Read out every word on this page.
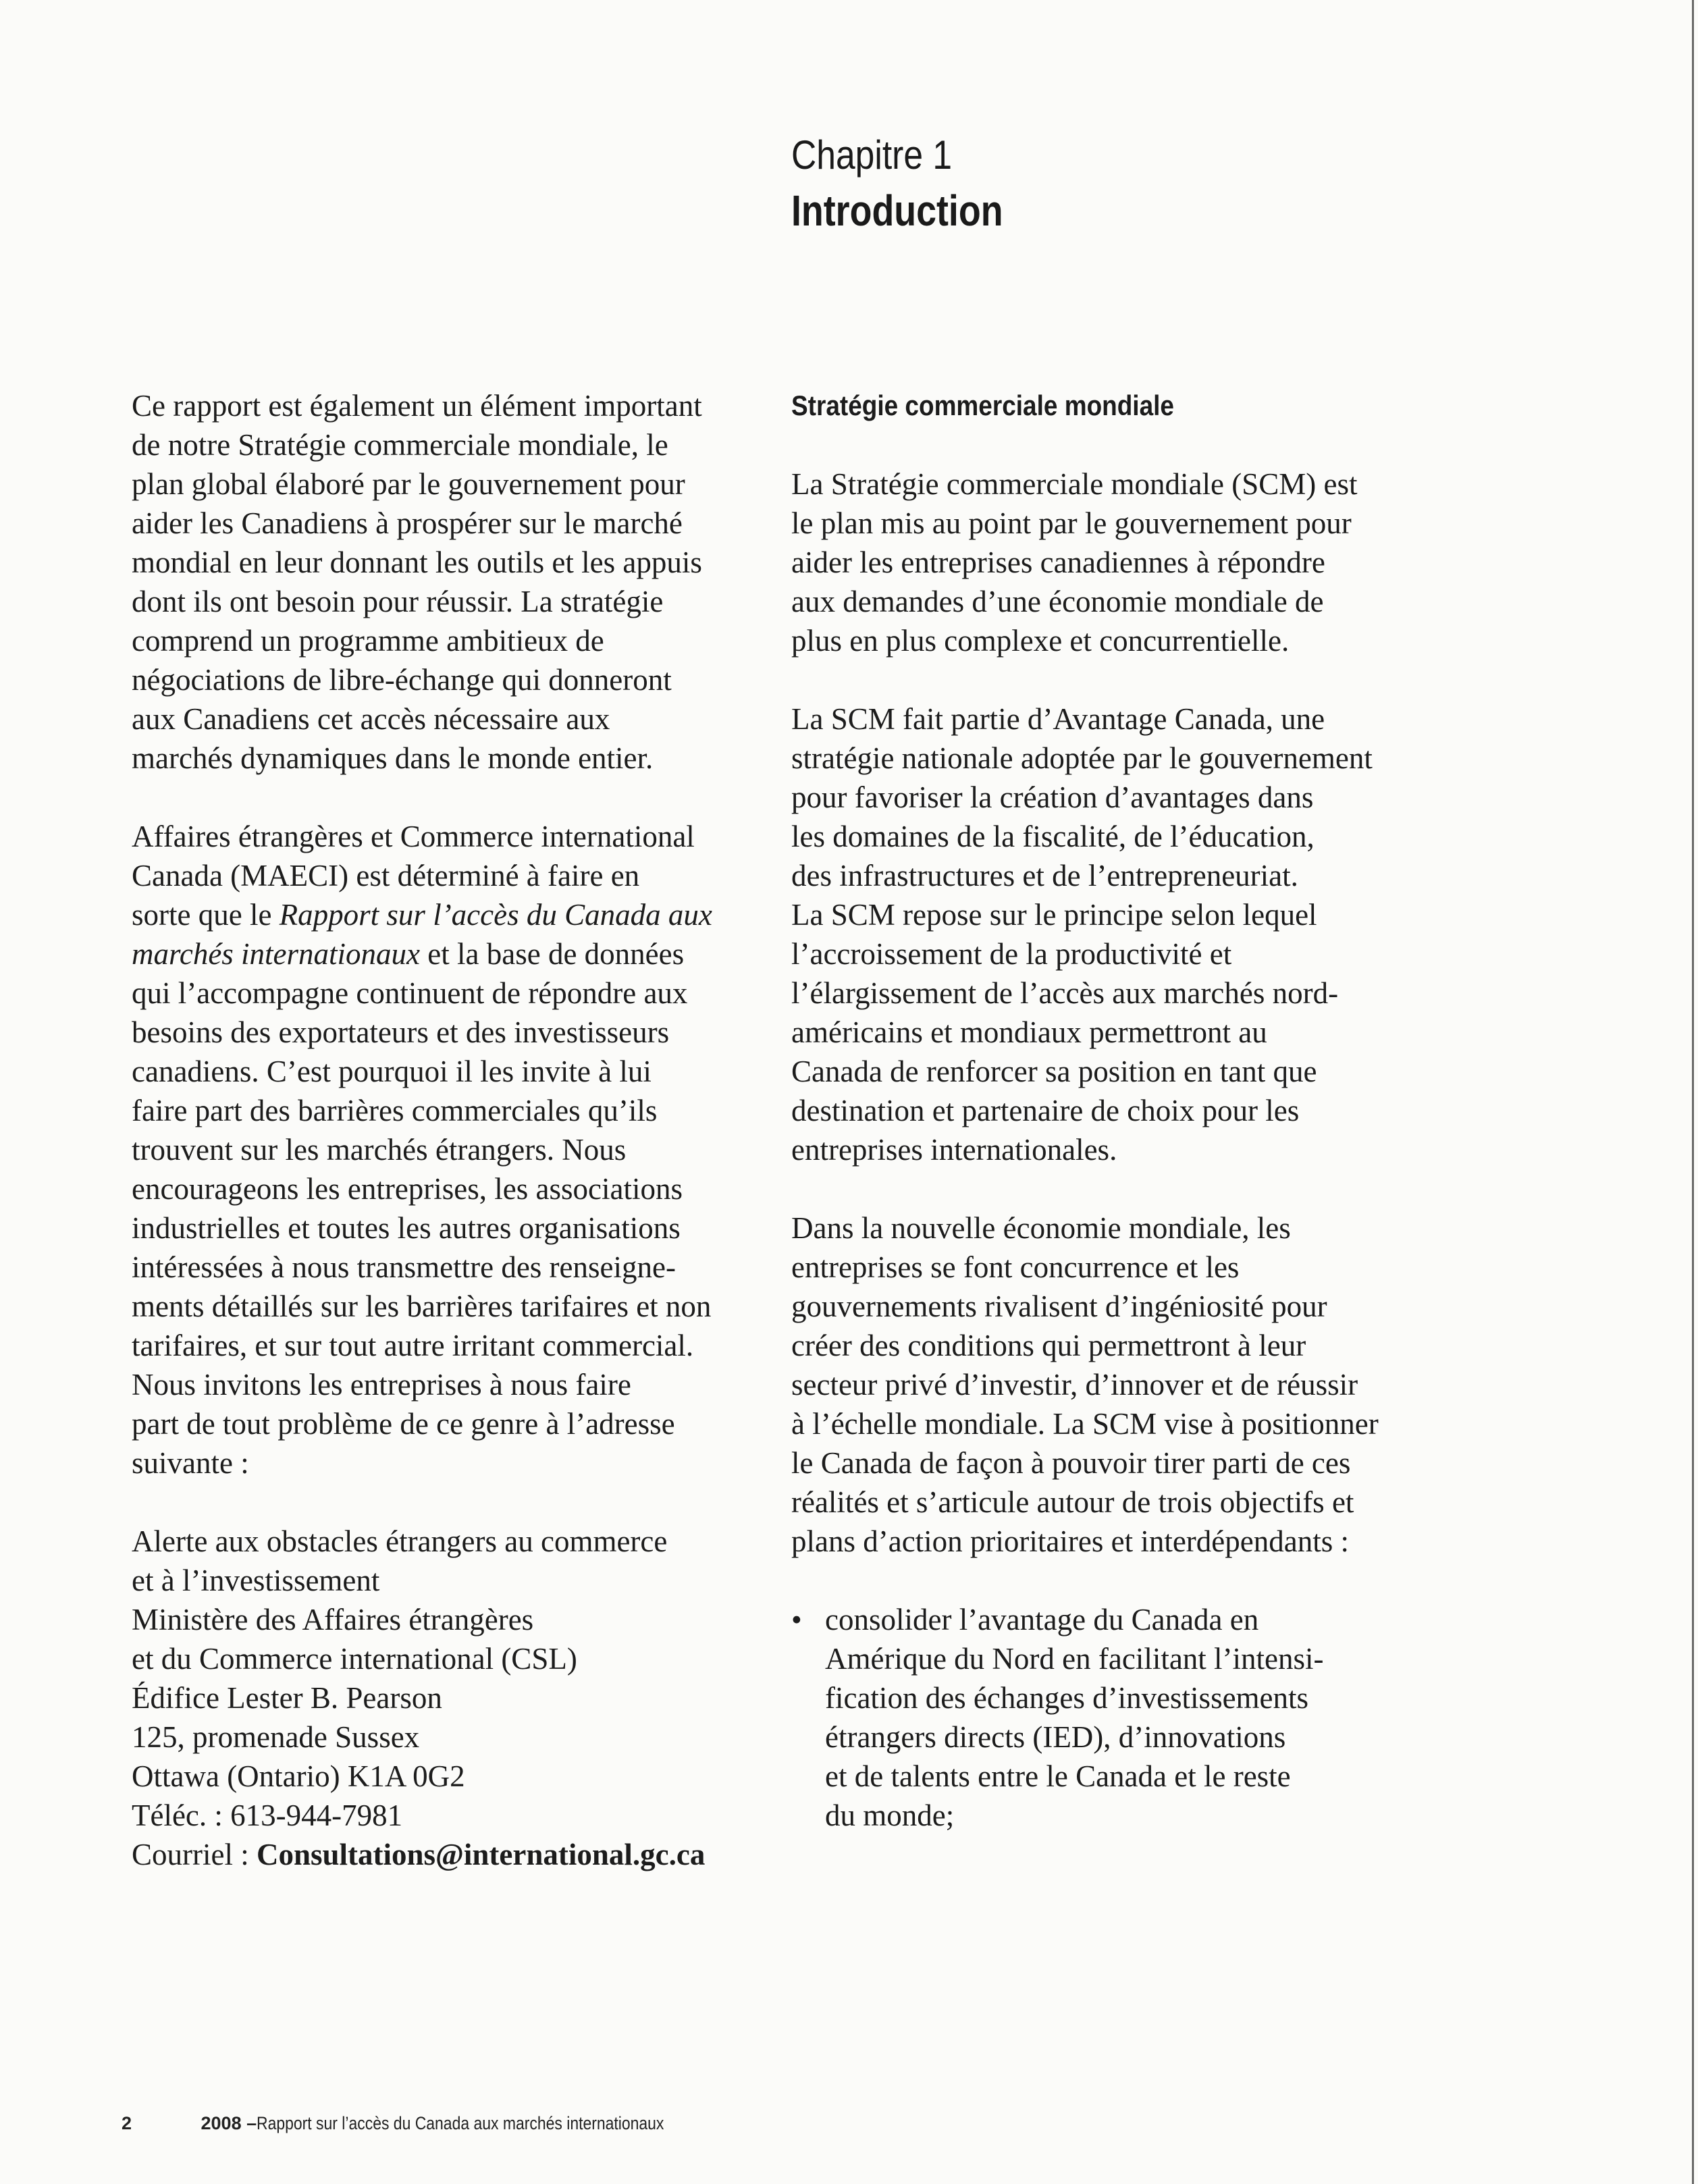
Chapitre 1
Introduction

Ce rapport est également un élément important
de notre Stratégie commerciale mondiale, le
plan global élaboré par le gouvernement pour
aider les Canadiens à prospérer sur le marché
mondial en leur donnant les outils et les appuis
dont ils ont besoin pour réussir. La stratégie
comprend un programme ambitieux de
négociations de libre-échange qui donneront
aux Canadiens cet accès nécessaire aux
marchés dynamiques dans le monde entier.

Affaires étrangères et Commerce international
Canada (MAECI) est déterminé à faire en
sorte que le Rapport sur l’accès du Canada aux
marchés internationaux et la base de données
qui l’accompagne continuent de répondre aux
besoins des exportateurs et des investisseurs
canadiens. C’est pourquoi il les invite à lui
faire part des barrières commerciales qu’ils
trouvent sur les marchés étrangers. Nous
encourageons les entreprises, les associations
industrielles et toutes les autres organisations
intéressées à nous transmettre des renseigne-
ments détaillés sur les barrières tarifaires et non
tarifaires, et sur tout autre irritant commercial.
Nous invitons les entreprises à nous faire
part de tout problème de ce genre à l’adresse
suivante :

Alerte aux obstacles étrangers au commerce
et à l’investissement
Ministère des Affaires étrangères
et du Commerce international (CSL)
Édifice Lester B. Pearson
125, promenade Sussex
Ottawa (Ontario) K1A 0G2
Téléc. : 613-944-7981
Courriel : Consultations@international.gc.ca

Stratégie commerciale mondiale

La Stratégie commerciale mondiale (SCM) est
le plan mis au point par le gouvernement pour
aider les entreprises canadiennes à répondre
aux demandes d’une économie mondiale de
plus en plus complexe et concurrentielle.

La SCM fait partie d’Avantage Canada, une
stratégie nationale adoptée par le gouvernement
pour favoriser la création d’avantages dans
les domaines de la fiscalité, de l’éducation,
des infrastructures et de l’entrepreneuriat.
La SCM repose sur le principe selon lequel
l’accroissement de la productivité et
l’élargissement de l’accès aux marchés nord-
américains et mondiaux permettront au
Canada de renforcer sa position en tant que
destination et partenaire de choix pour les
entreprises internationales.

Dans la nouvelle économie mondiale, les
entreprises se font concurrence et les
gouvernements rivalisent d’ingéniosité pour
créer des conditions qui permettront à leur
secteur privé d’investir, d’innover et de réussir
à l’échelle mondiale. La SCM vise à positionner
le Canada de façon à pouvoir tirer parti de ces
réalités et s’articule autour de trois objectifs et
plans d’action prioritaires et interdépendants :

• consolider l’avantage du Canada en
Amérique du Nord en facilitant l’intensi-
fication des échanges d’investissements
étrangers directs (IED), d’innovations
et de talents entre le Canada et le reste
du monde;
2	2008 –Rapport sur l’accès du Canada aux marchés internationaux
